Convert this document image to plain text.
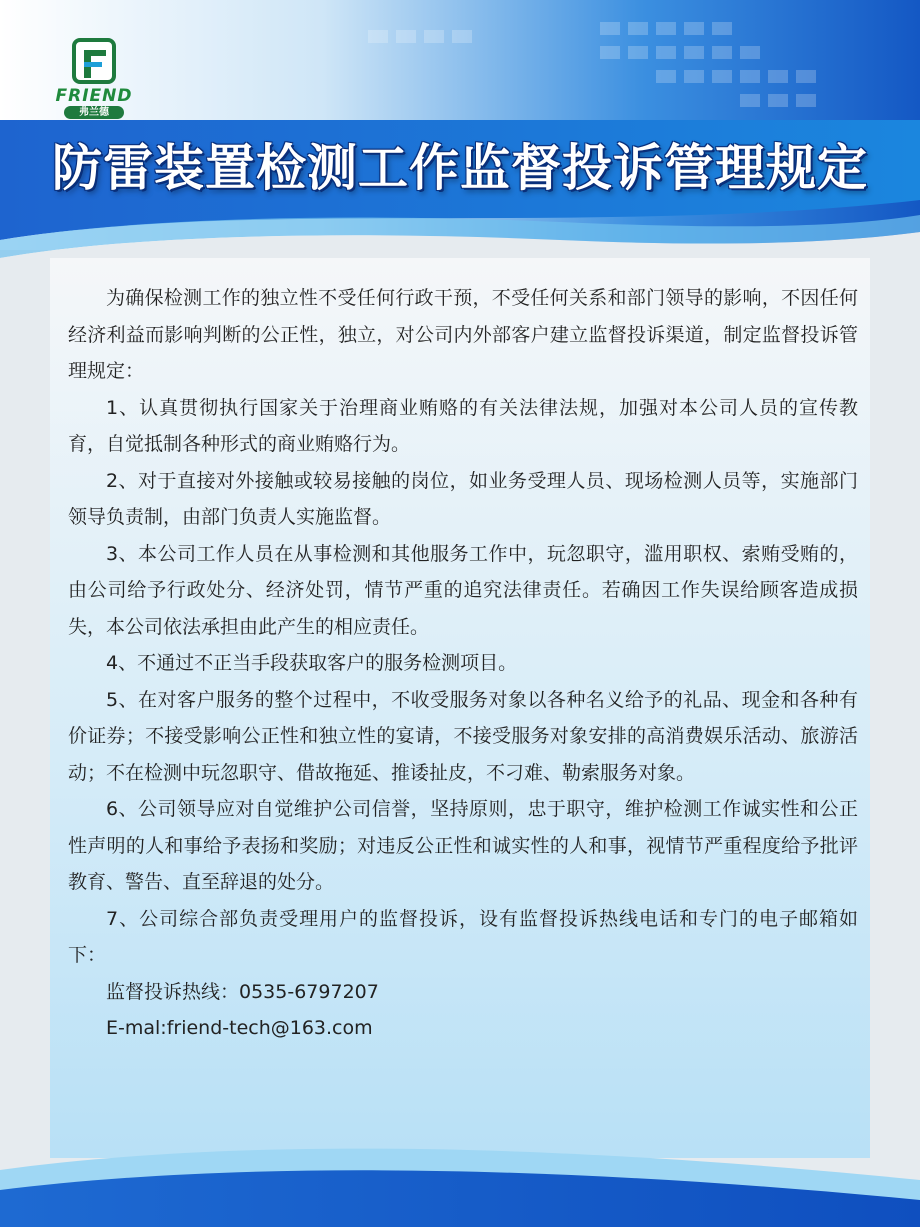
FRIEND
弗兰德
防雷装置检测工作监督投诉管理规定

为确保检测工作的独立性不受任何行政干预，不受任何关系和部门领导的影响，不因任何经济利益而影响判断的公正性，独立，对公司内外部客户建立监督投诉渠道，制定监督投诉管理规定：

1、认真贯彻执行国家关于治理商业贿赂的有关法律法规，加强对本公司人员的宣传教育，自觉抵制各种形式的商业贿赂行为。

2、对于直接对外接触或较易接触的岗位，如业务受理人员、现场检测人员等，实施部门领导负责制，由部门负责人实施监督。

3、本公司工作人员在从事检测和其他服务工作中，玩忽职守，滥用职权、索贿受贿的，由公司给予行政处分、经济处罚，情节严重的追究法律责任。若确因工作失误给顾客造成损失，本公司依法承担由此产生的相应责任。

4、不通过不正当手段获取客户的服务检测项目。

5、在对客户服务的整个过程中，不收受服务对象以各种名义给予的礼品、现金和各种有价证券；不接受影响公正性和独立性的宴请，不接受服务对象安排的高消费娱乐活动、旅游活动；不在检测中玩忽职守、借故拖延、推诿扯皮，不刁难、勒索服务对象。

6、公司领导应对自觉维护公司信誉，坚持原则，忠于职守，维护检测工作诚实性和公正性声明的人和事给予表扬和奖励；对违反公正性和诚实性的人和事，视情节严重程度给予批评教育、警告、直至辞退的处分。

7、公司综合部负责受理用户的监督投诉，设有监督投诉热线电话和专门的电子邮箱如下：

监督投诉热线：0535-6797207

E-mal:friend-tech@163.com
